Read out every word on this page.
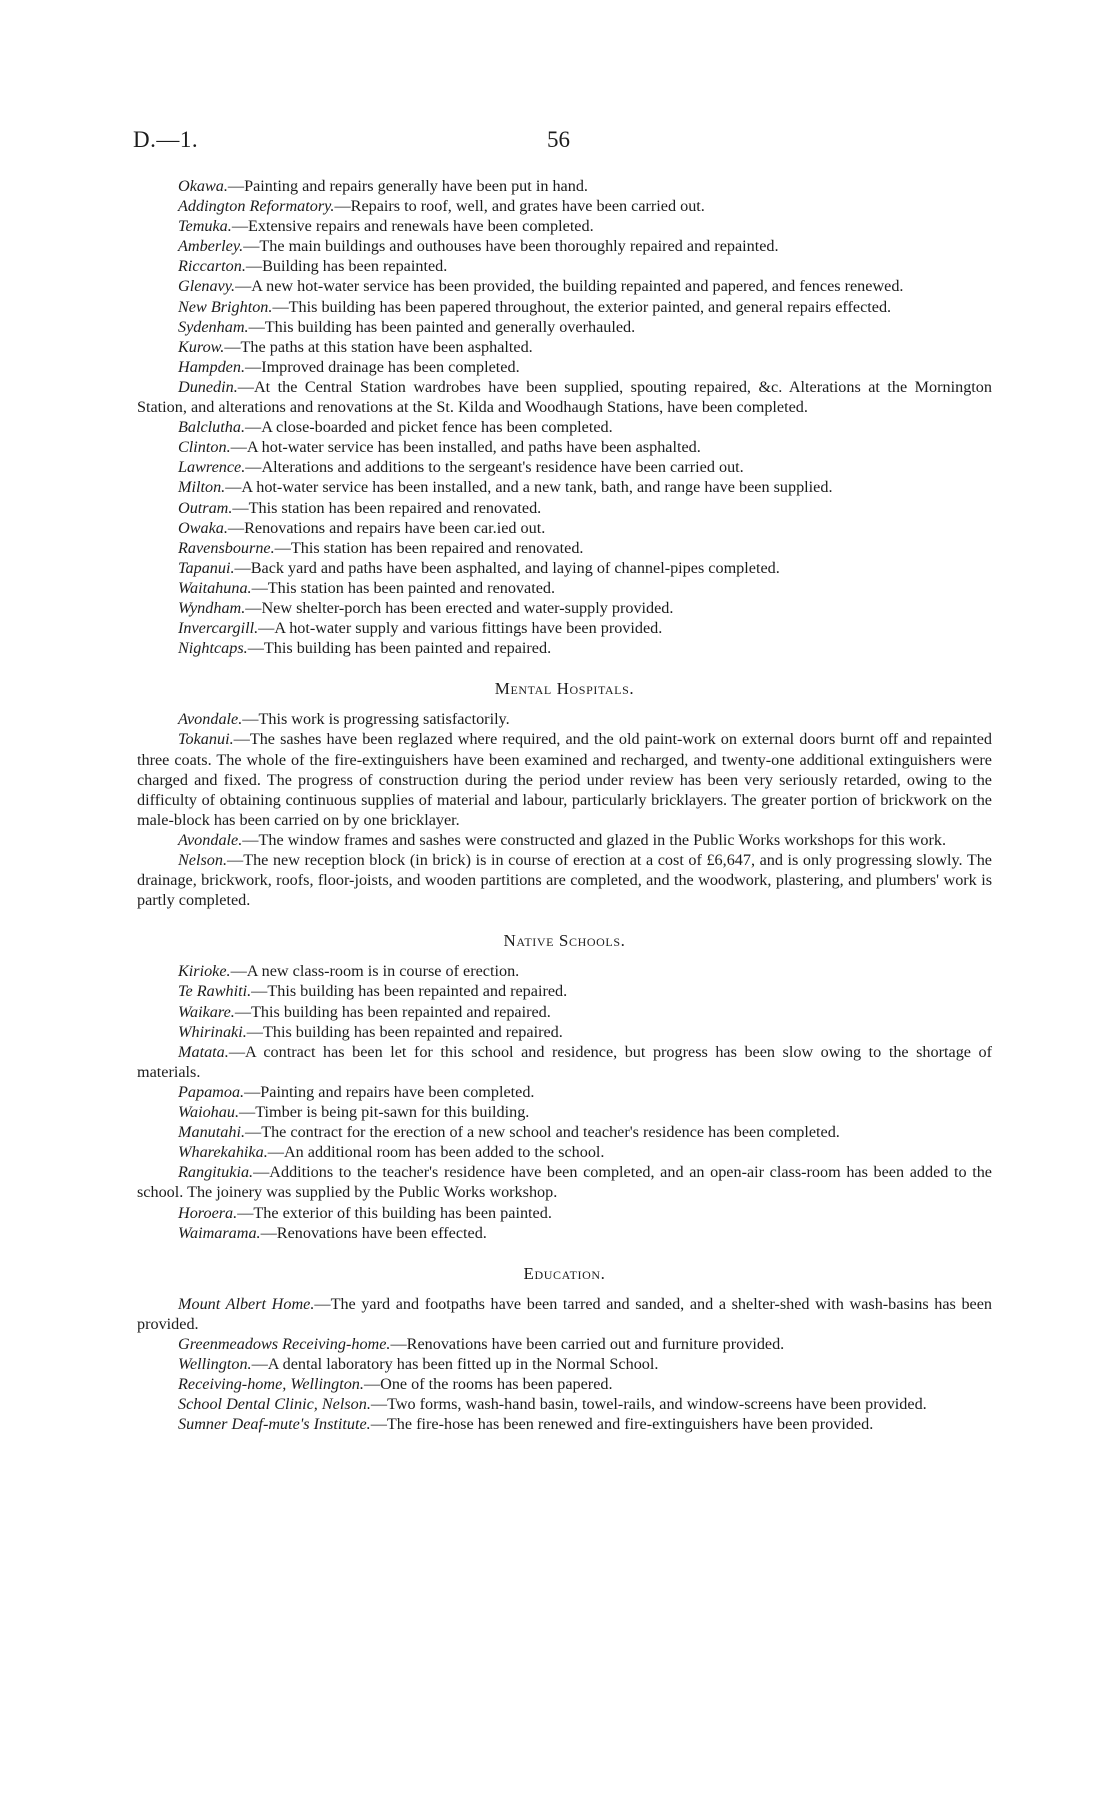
D.—1.	56

Okawa.—Painting and repairs generally have been put in hand.

Addington Reformatory.—Repairs to roof, well, and grates have been carried out.

Temuka.—Extensive repairs and renewals have been completed.

Amberley.—The main buildings and outhouses have been thoroughly repaired and repainted.

Riccarton.—Building has been repainted.

Glenavy.—A new hot-water service has been provided, the building repainted and papered, and fences renewed.

New Brighton.—This building has been papered throughout, the exterior painted, and general repairs effected.

Sydenham.—This building has been painted and generally overhauled.

Kurow.—The paths at this station have been asphalted.

Hampden.—Improved drainage has been completed.

Dunedin.—At the Central Station wardrobes have been supplied, spouting repaired, &c. Alterations at the Mornington Station, and alterations and renovations at the St. Kilda and Woodhaugh Stations, have been completed.

Balclutha.—A close-boarded and picket fence has been completed.

Clinton.—A hot-water service has been installed, and paths have been asphalted.

Lawrence.—Alterations and additions to the sergeant's residence have been carried out.

Milton.—A hot-water service has been installed, and a new tank, bath, and range have been supplied.

Outram.—This station has been repaired and renovated.

Owaka.—Renovations and repairs have been car.ied out.

Ravensbourne.—This station has been repaired and renovated.

Tapanui.—Back yard and paths have been asphalted, and laying of channel-pipes completed.

Waitahuna.—This station has been painted and renovated.

Wyndham.—New shelter-porch has been erected and water-supply provided.

Invercargill.—A hot-water supply and various fittings have been provided.

Nightcaps.—This building has been painted and repaired.

Mental Hospitals.

Avondale.—This work is progressing satisfactorily.

Tokanui.—The sashes have been reglazed where required, and the old paint-work on external doors burnt off and repainted three coats. The whole of the fire-extinguishers have been examined and recharged, and twenty-one additional extinguishers were charged and fixed. The progress of construction during the period under review has been very seriously retarded, owing to the difficulty of obtaining continuous supplies of material and labour, particularly bricklayers. The greater portion of brickwork on the male-block has been carried on by one bricklayer.

Avondale.—The window frames and sashes were constructed and glazed in the Public Works workshops for this work.

Nelson.—The new reception block (in brick) is in course of erection at a cost of £6,647, and is only progressing slowly. The drainage, brickwork, roofs, floor-joists, and wooden partitions are completed, and the woodwork, plastering, and plumbers' work is partly completed.

Native Schools.

Kirioke.—A new class-room is in course of erection.

Te Rawhiti.—This building has been repainted and repaired.

Waikare.—This building has been repainted and repaired.

Whirinaki.—This building has been repainted and repaired.

Matata.—A contract has been let for this school and residence, but progress has been slow owing to the shortage of materials.

Papamoa.—Painting and repairs have been completed.

Waiohau.—Timber is being pit-sawn for this building.

Manutahi.—The contract for the erection of a new school and teacher's residence has been completed.

Wharekahika.—An additional room has been added to the school.

Rangitukia.—Additions to the teacher's residence have been completed, and an open-air class-room has been added to the school. The joinery was supplied by the Public Works workshop.

Horoera.—The exterior of this building has been painted.

Waimarama.—Renovations have been effected.

Education.

Mount Albert Home.—The yard and footpaths have been tarred and sanded, and a shelter-shed with wash-basins has been provided.

Greenmeadows Receiving-home.—Renovations have been carried out and furniture provided.

Wellington.—A dental laboratory has been fitted up in the Normal School.

Receiving-home, Wellington.—One of the rooms has been papered.

School Dental Clinic, Nelson.—Two forms, wash-hand basin, towel-rails, and window-screens have been provided.

Sumner Deaf-mute's Institute.—The fire-hose has been renewed and fire-extinguishers have been provided.
